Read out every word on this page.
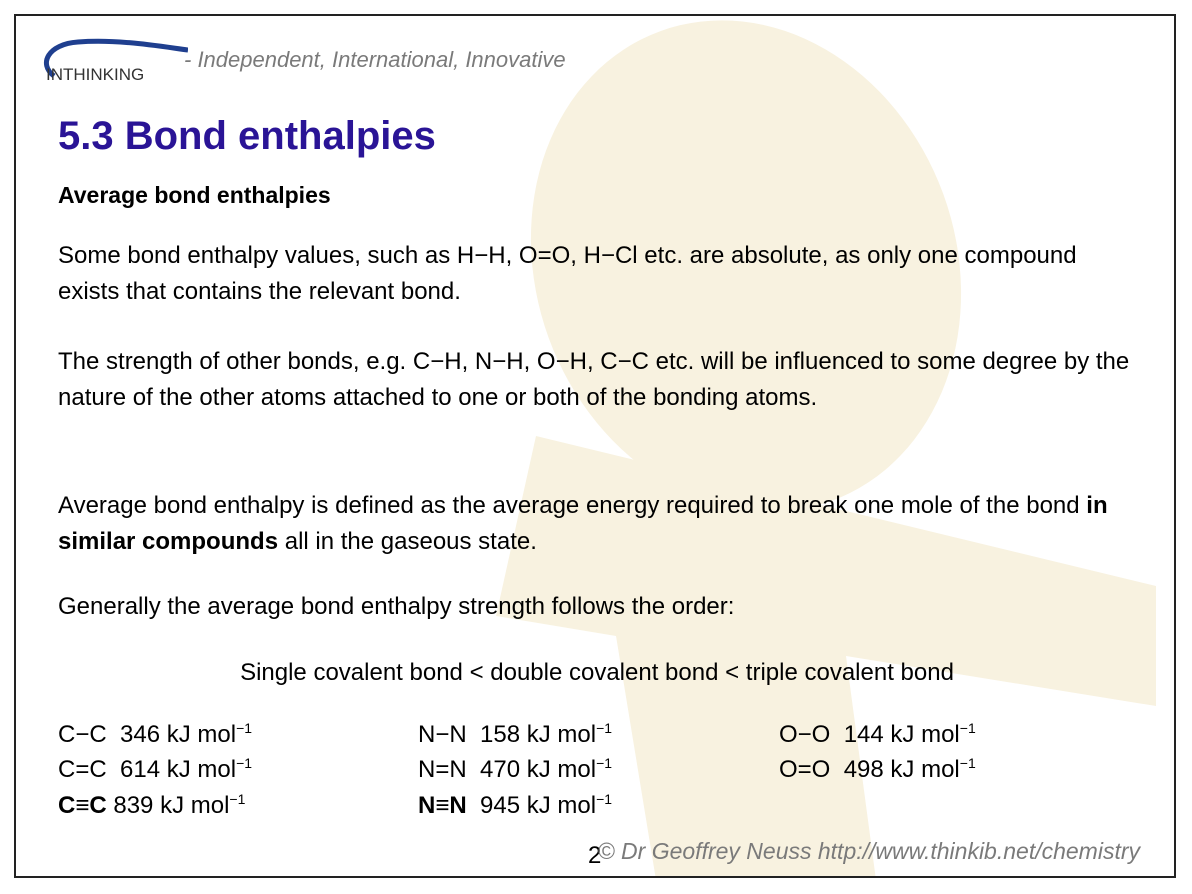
INTHINKING
- Independent, International, Innovative
5.3 Bond enthalpies
Average bond enthalpies
Some bond enthalpy values, such as H−H, O=O, H−Cl etc. are absolute, as only one compound exists that contains the relevant bond.
The strength of other bonds, e.g. C−H, N−H, O−H, C−C etc. will be influenced to some degree by the nature of the other atoms attached to one or both of the bonding atoms.
Average bond enthalpy is defined as the average energy required to break one mole of the bond in similar compounds all in the gaseous state.
Generally the average bond enthalpy strength follows the order:
Single covalent bond < double covalent bond < triple covalent bond
C−C 346 kJ mol$^{-1}$
C=C 614 kJ mol$^{-1}$
C≡C 839 kJ mol$^{-1}$
N−N 158 kJ mol$^{-1}$
N=N 470 kJ mol$^{-1}$
N≡N 945 kJ mol$^{-1}$
O−O 144 kJ mol$^{-1}$
O=O 498 kJ mol$^{-1}$
2
© Dr Geoffrey Neuss http://www.thinkib.net/chemistry
